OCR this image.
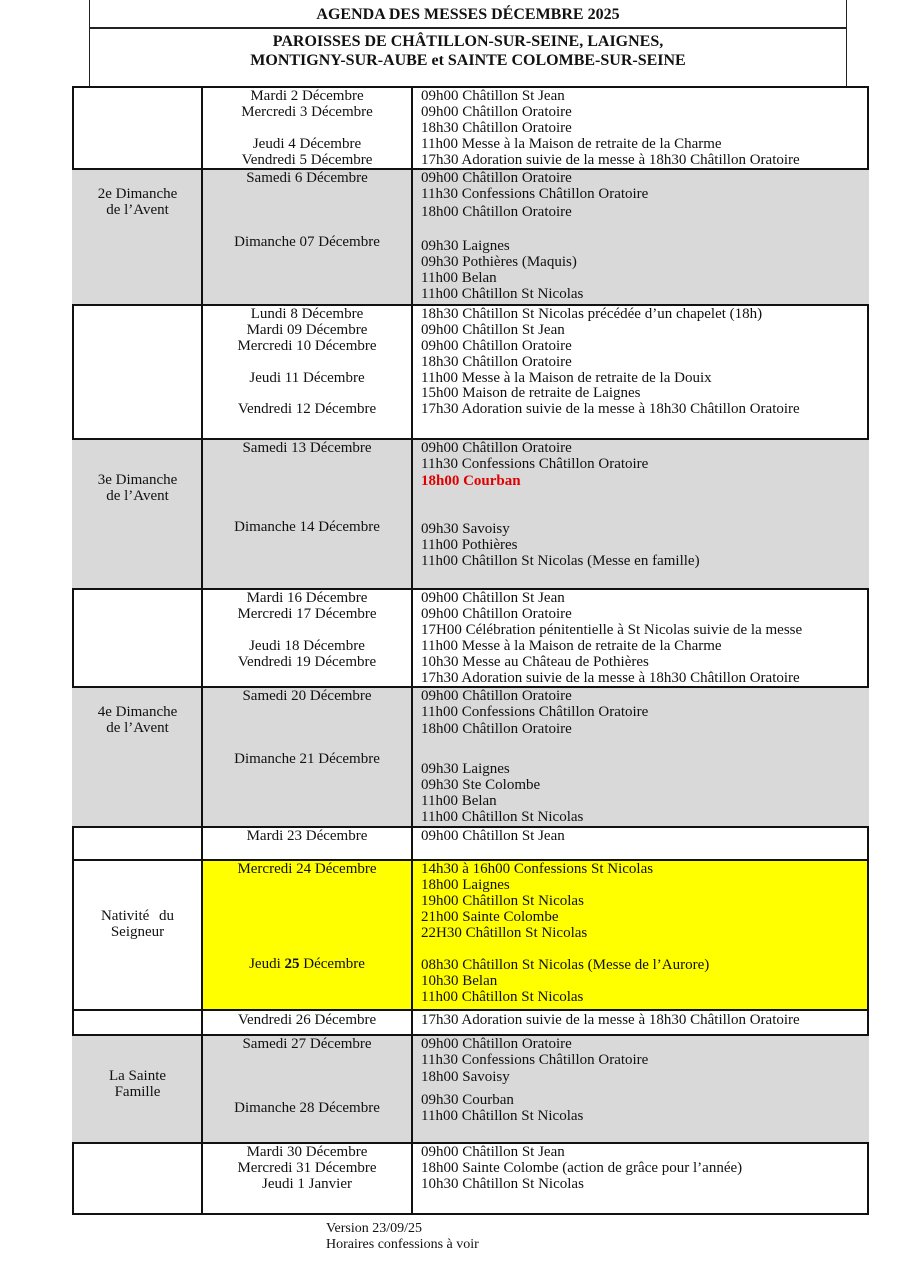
AGENDA DES MESSES DÉCEMBRE 2025
PAROISSES DE CHÂTILLON-SUR-SEINE, LAIGNES,
MONTIGNY-SUR-AUBE et SAINTE COLOMBE-SUR-SEINE
Mardi 2 Décembre
Mercredi 3 Décembre
Jeudi 4 Décembre
Vendredi 5 Décembre
09h00 Châtillon St Jean
09h00 Châtillon Oratoire
18h30 Châtillon Oratoire
11h00 Messe à la Maison de retraite de la Charme
17h30 Adoration suivie de la messe à 18h30 Châtillon Oratoire
2e Dimanche
de l’Avent
Samedi 6 Décembre
Dimanche 07 Décembre
09h00 Châtillon Oratoire
11h30 Confessions Châtillon Oratoire
18h00 Châtillon Oratoire
09h30 Laignes
09h30 Pothières (Maquis)
11h00 Belan
11h00 Châtillon St Nicolas
Lundi 8 Décembre
Mardi 09 Décembre
Mercredi 10 Décembre
Jeudi 11 Décembre
Vendredi 12 Décembre
18h30 Châtillon St Nicolas précédée d’un chapelet (18h)
09h00 Châtillon St Jean
09h00 Châtillon Oratoire
18h30 Châtillon Oratoire
11h00 Messe à la Maison de retraite de la Douix
15h00 Maison de retraite de Laignes
17h30 Adoration suivie de la messe à 18h30 Châtillon Oratoire
3e Dimanche
de l’Avent
Samedi 13 Décembre
Dimanche 14 Décembre
09h00 Châtillon Oratoire
11h30 Confessions Châtillon Oratoire
18h00 Courban
09h30 Savoisy
11h00 Pothières
11h00 Châtillon St Nicolas (Messe en famille)
Mardi 16 Décembre
Mercredi 17 Décembre
Jeudi 18 Décembre
Vendredi 19 Décembre
09h00 Châtillon St Jean
09h00 Châtillon Oratoire
17H00 Célébration pénitentielle à St Nicolas suivie de la messe
11h00 Messe à la Maison de retraite de la Charme
10h30 Messe au Château de Pothières
17h30 Adoration suivie de la messe à 18h30 Châtillon Oratoire
4e Dimanche
de l’Avent
Samedi 20 Décembre
Dimanche 21 Décembre
09h00 Châtillon Oratoire
11h00 Confessions Châtillon Oratoire
18h00 Châtillon Oratoire
09h30 Laignes
09h30 Ste Colombe
11h00 Belan
11h00 Châtillon St Nicolas
Mardi 23 Décembre	09h00 Châtillon St Jean
Nativité du
Seigneur
Mercredi 24 Décembre
Jeudi 25 Décembre
14h30 à 16h00 Confessions St Nicolas
18h00 Laignes
19h00 Châtillon St Nicolas
21h00 Sainte Colombe
22H30 Châtillon St Nicolas
08h30 Châtillon St Nicolas (Messe de l’Aurore)
10h30 Belan
11h00 Châtillon St Nicolas
Vendredi 26 Décembre	17h30 Adoration suivie de la messe à 18h30 Châtillon Oratoire
La Sainte
Famille
Samedi 27 Décembre
Dimanche 28 Décembre
09h00 Châtillon Oratoire
11h30 Confessions Châtillon Oratoire
18h00 Savoisy
09h30 Courban
11h00 Châtillon St Nicolas
Mardi 30 Décembre
Mercredi 31 Décembre
Jeudi 1 Janvier
09h00 Châtillon St Jean
18h00 Sainte Colombe (action de grâce pour l’année)
10h30 Châtillon St Nicolas
Version 23/09/25
Horaires confessions à voir
